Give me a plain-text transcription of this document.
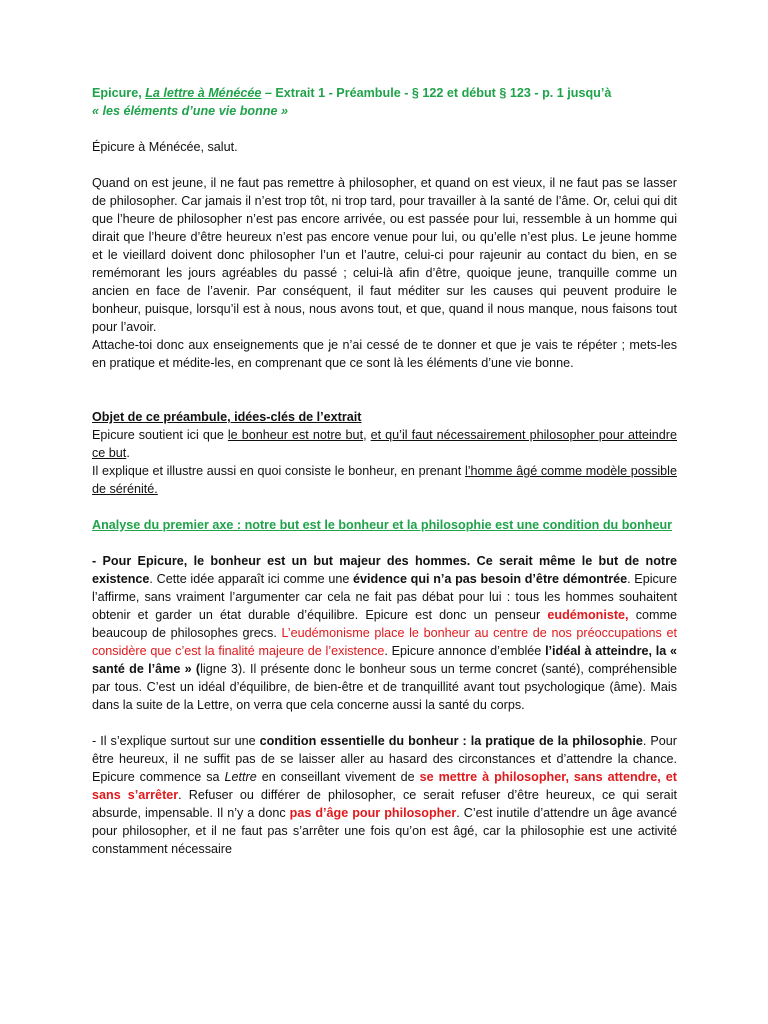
Epicure, La lettre à Ménécée – Extrait 1 - Préambule - § 122 et début § 123 - p. 1 jusqu’à
« les éléments d’une vie bonne »

Épicure à Ménécée, salut.

Quand on est jeune, il ne faut pas remettre à philosopher, et quand on est vieux, il ne faut pas se lasser de philosopher. Car jamais il n’est trop tôt, ni trop tard, pour travailler à la santé de l’âme. Or, celui qui dit que l’heure de philosopher n’est pas encore arrivée, ou est passée pour lui, ressemble à un homme qui dirait que l’heure d’être heureux n’est pas encore venue pour lui, ou qu’elle n’est plus. Le jeune homme et le vieillard doivent donc philosopher l’un et l’autre, celui-ci pour rajeunir au contact du bien, en se remémorant les jours agréables du passé ; celui-là afin d’être, quoique jeune, tranquille comme un ancien en face de l’avenir. Par conséquent, il faut méditer sur les causes qui peuvent produire le bonheur, puisque, lorsqu’il est à nous, nous avons tout, et que, quand il nous manque, nous faisons tout pour l’avoir.

Attache-toi donc aux enseignements que je n’ai cessé de te donner et que je vais te répéter ; mets-les en pratique et médite-les, en comprenant que ce sont là les éléments d’une vie bonne.

Objet de ce préambule, idées-clés de l’extrait

Epicure soutient ici que le bonheur est notre but, et qu’il faut nécessairement philosopher pour atteindre ce but.

Il explique et illustre aussi en quoi consiste le bonheur, en prenant l’homme âgé comme modèle possible de sérénité.

Analyse du premier axe : notre but est le bonheur et la philosophie est une condition du bonheur

- Pour Epicure, le bonheur est un but majeur des hommes. Ce serait même le but de notre existence. Cette idée apparaît ici comme une évidence qui n’a pas besoin d’être démontrée. Epicure l’affirme, sans vraiment l’argumenter car cela ne fait pas débat pour lui : tous les hommes souhaitent obtenir et garder un état durable d’équilibre. Epicure est donc un penseur eudémoniste, comme beaucoup de philosophes grecs. L’eudémonisme place le bonheur au centre de nos préoccupations et considère que c’est la finalité majeure de l’existence. Epicure annonce d’emblée l’idéal à atteindre, la « santé de l’âme » (ligne 3). Il présente donc le bonheur sous un terme concret (santé), compréhensible par tous. C’est un idéal d’équilibre, de bien-être et de tranquillité avant tout psychologique (âme). Mais dans la suite de la Lettre, on verra que cela concerne aussi la santé du corps.

- Il s’explique surtout sur une condition essentielle du bonheur : la pratique de la philosophie. Pour être heureux, il ne suffit pas de se laisser aller au hasard des circonstances et d’attendre la chance. Epicure commence sa Lettre en conseillant vivement de se mettre à philosopher, sans attendre, et sans s’arrêter. Refuser ou différer de philosopher, ce serait refuser d’être heureux, ce qui serait absurde, impensable. Il n’y a donc pas d’âge pour philosopher. C’est inutile d’attendre un âge avancé pour philosopher, et il ne faut pas s’arrêter une fois qu’on est âgé, car la philosophie est une activité constamment nécessaire
